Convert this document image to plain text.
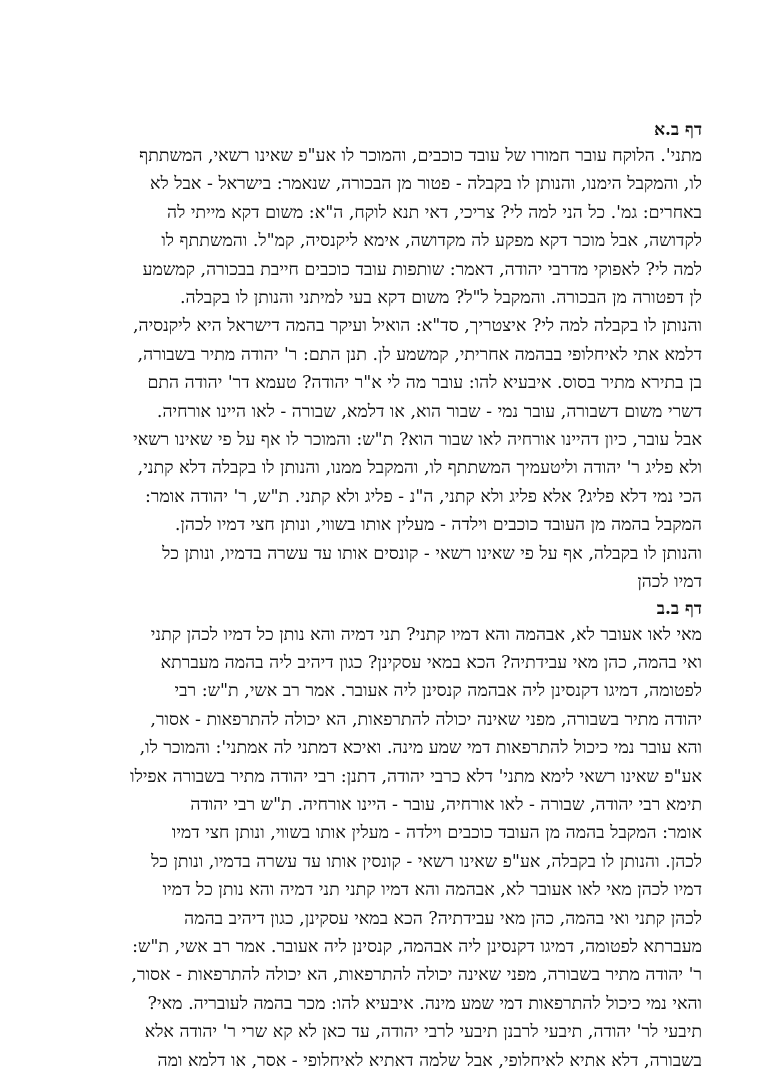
דף ב.א
מתני'. הלוקח עובר חמורו של עובד כוכבים, והמוכר לו אע"פ שאינו רשאי, המשתתף
לו, והמקבל הימנו, והנותן לו בקבלה - פטור מן הבכורה, שנאמר: בישראל - אבל לא
באחרים: גמ'. כל הני למה לי? צריכי, דאי תנא לוקח, ה"א: משום דקא מייתי לה
לקדושה, אבל מוכר דקא מפקע לה מקדושה, אימא ליקנסיה, קמ"ל. והמשתתף לו
למה לי? לאפוקי מדרבי יהודה, דאמר: שותפות עובד כוכבים חייבת בבכורה, קמשמע
לן דפטורה מן הבכורה. והמקבל ל"ל? משום דקא בעי למיתני והנותן לו בקבלה.
והנותן לו בקבלה למה לי? איצטריך, סד"א: הואיל ועיקר בהמה דישראל היא ליקנסיה,
דלמא אתי לאיחלופי בבהמה אחריתי, קמשמע לן. תנן התם: ר' יהודה מתיר בשבורה,
בן בתירא מתיר בסוס. איבעיא להו: עובר מה לי א"ר יהודה? טעמא דר' יהודה התם
דשרי משום דשבורה, עובר נמי - שבור הוא, או דלמא, שבורה - לאו היינו אורחיה.
אבל עובר, כיון דהיינו אורחיה לאו שבור הוא? ת"ש: והמוכר לו אף על פי שאינו רשאי
ולא פליג ר' יהודה וליטעמיך המשתתף לו, והמקבל ממנו, והנותן לו בקבלה דלא קתני,
הכי נמי דלא פליג? אלא פליג ולא קתני, ה"נ - פליג ולא קתני. ת"ש, ר' יהודה אומר:
המקבל בהמה מן העובד כוכבים וילדה - מעלין אותו בשווי, ונותן חצי דמיו לכהן.
והנותן לו בקבלה, אף על פי שאינו רשאי - קונסים אותו עד עשרה בדמיו, ונותן כל
דמיו לכהן
דף ב.ב
מאי לאו אעובר לא, אבהמה והא דמיו קתני? תני דמיה והא נותן כל דמיו לכהן קתני
ואי בהמה, כהן מאי עבידתיה? הכא במאי עסקינן? כגון דיהיב ליה בהמה מעברתא
לפטומה, דמיגו דקנסינן ליה אבהמה קנסינן ליה אעובר. אמר רב אשי, ת"ש: רבי
יהודה מתיר בשבורה, מפני שאינה יכולה להתרפאות, הא יכולה להתרפאות - אסור,
והא עובר נמי כיכול להתרפאות דמי שמע מינה. ואיכא דמתני לה אמתני': והמוכר לו,
אע"פ שאינו רשאי לימא מתני' דלא כרבי יהודה, דתנן: רבי יהודה מתיר בשבורה אפילו
תימא רבי יהודה, שבורה - לאו אורחיה, עובר - היינו אורחיה. ת"ש רבי יהודה
אומר: המקבל בהמה מן העובד כוכבים וילדה - מעלין אותו בשווי, ונותן חצי דמיו
לכהן. והנותן לו בקבלה, אע"פ שאינו רשאי - קונסין אותו עד עשרה בדמיו, ונותן כל
דמיו לכהן מאי לאו אעובר לא, אבהמה והא דמיו קתני תני דמיה והא נותן כל דמיו
לכהן קתני ואי בהמה, כהן מאי עבידתיה? הכא במאי עסקינן, כגון דיהיב בהמה
מעברתא לפטומה, דמיגו דקנסינן ליה אבהמה, קנסינן ליה אעובר. אמר רב אשי, ת"ש:
ר' יהודה מתיר בשבורה, מפני שאינה יכולה להתרפאות, הא יכולה להתרפאות - אסור,
והאי נמי כיכול להתרפאות דמי שמע מינה. איבעיא להו: מכר בהמה לעובריה. מאי?
תיבעי לר' יהודה, תיבעי לרבנן תיבעי לרבי יהודה, עד כאן לא קא שרי ר' יהודה אלא
בשבורה, דלא אתיא לאיחלופי, אבל שלמה דאתיא לאיחלופי - אסר, או דלמא ומה
